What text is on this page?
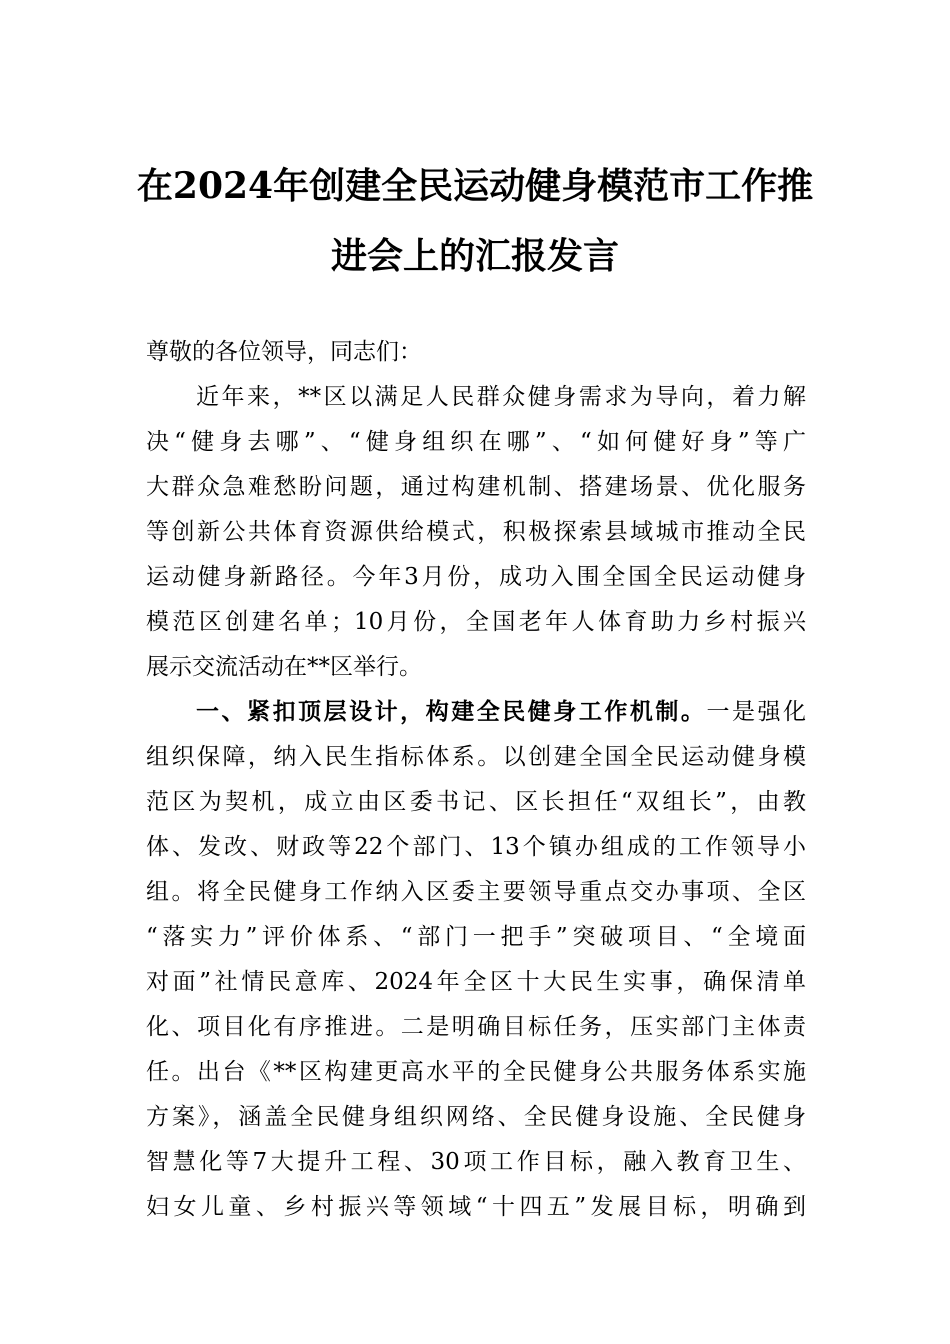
在2024年创建全民运动健身模范市工作推
进会上的汇报发言
尊敬的各位领导，同志们：
近年来，**区以满足人民群众健身需求为导向，着力解
决“健身去哪”、“健身组织在哪”、“如何健好身”等广
大群众急难愁盼问题，通过构建机制、搭建场景、优化服务
等创新公共体育资源供给模式，积极探索县域城市推动全民
运动健身新路径。今年3月份，成功入围全国全民运动健身
模范区创建名单；10月份，全国老年人体育助力乡村振兴
展示交流活动在**区举行。
一、紧扣顶层设计，构建全民健身工作机制。一是强化
组织保障，纳入民生指标体系。以创建全国全民运动健身模
范区为契机，成立由区委书记、区长担任“双组长”，由教
体、发改、财政等22个部门、13个镇办组成的工作领导小
组。将全民健身工作纳入区委主要领导重点交办事项、全区
“落实力”评价体系、“部门一把手”突破项目、“全境面
对面”社情民意库、2024年全区十大民生实事，确保清单
化、项目化有序推进。二是明确目标任务，压实部门主体责
任。出台《**区构建更高水平的全民健身公共服务体系实施
方案》，涵盖全民健身组织网络、全民健身设施、全民健身
智慧化等7大提升工程、30项工作目标，融入教育卫生、
妇女儿童、乡村振兴等领域“十四五”发展目标，明确到
